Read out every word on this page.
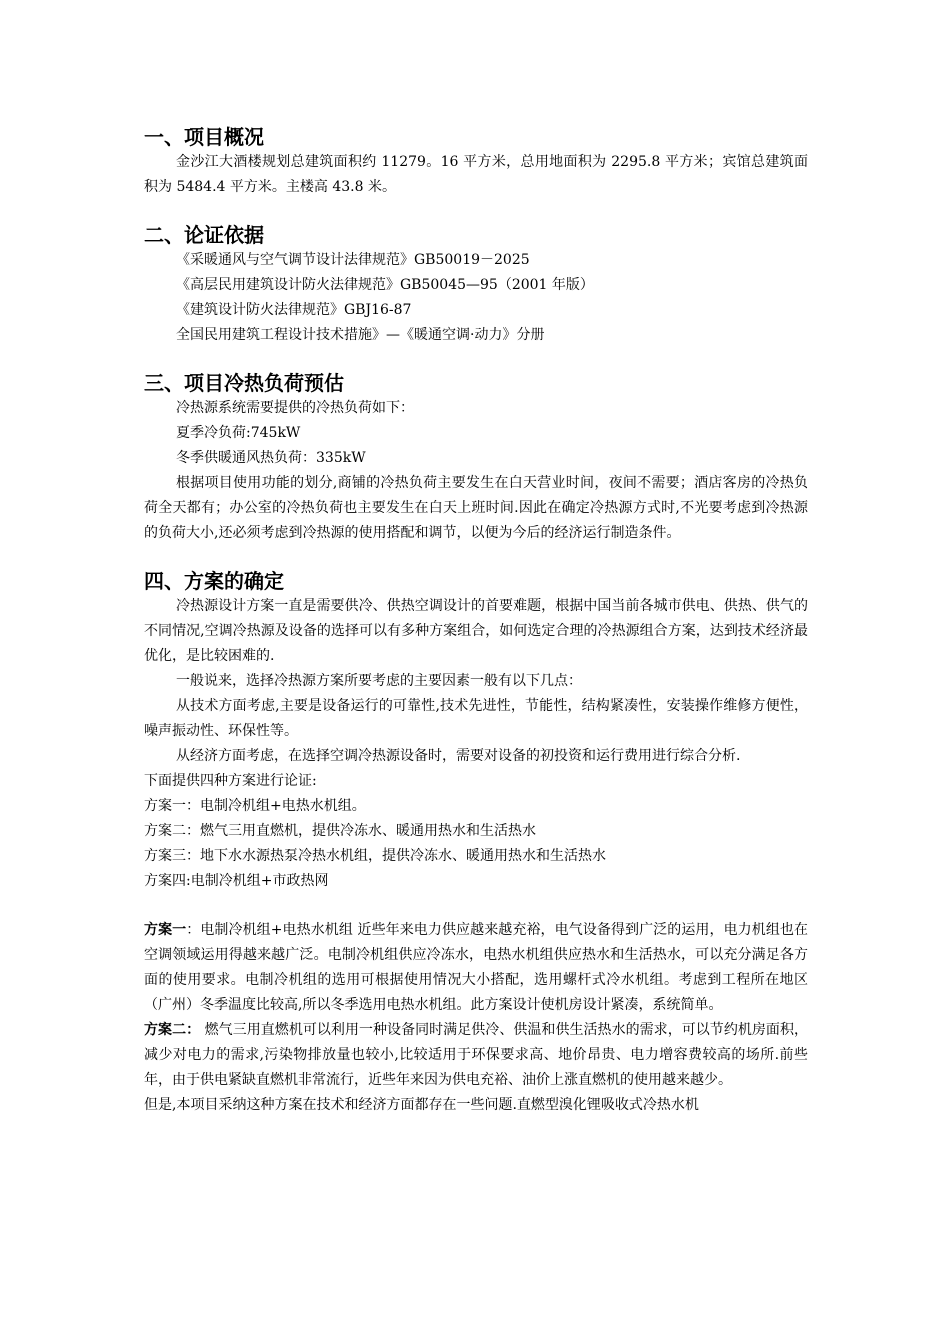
一、项目概况

金沙江大酒楼规划总建筑面积约 11279。16 平方米，总用地面积为 2295.8 平方米；宾馆总建筑面积为 5484.4 平方米。主楼高 43.8 米。

二、论证依据

《采暖通风与空气调节设计法律规范》GB50019－2025

《高层民用建筑设计防火法律规范》GB50045—95（2001 年版）

《建筑设计防火法律规范》GBJ16-87

全国民用建筑工程设计技术措施》—《暖通空调·动力》分册

三、项目冷热负荷预估

冷热源系统需要提供的冷热负荷如下：

夏季冷负荷:745kW

冬季供暖通风热负荷：335kW

根据项目使用功能的划分,商铺的冷热负荷主要发生在白天营业时间，夜间不需要；酒店客房的冷热负荷全天都有；办公室的冷热负荷也主要发生在白天上班时间.因此在确定冷热源方式时,不光要考虑到冷热源的负荷大小,还必须考虑到冷热源的使用搭配和调节，以便为今后的经济运行制造条件。

四、方案的确定

冷热源设计方案一直是需要供冷、供热空调设计的首要难题，根据中国当前各城市供电、供热、供气的不同情况,空调冷热源及设备的选择可以有多种方案组合，如何选定合理的冷热源组合方案，达到技术经济最优化，是比较困难的.

一般说来，选择冷热源方案所要考虑的主要因素一般有以下几点：

从技术方面考虑,主要是设备运行的可靠性,技术先进性，节能性，结构紧凑性，安装操作维修方便性，噪声振动性、环保性等。

从经济方面考虑，在选择空调冷热源设备时，需要对设备的初投资和运行费用进行综合分析.

下面提供四种方案进行论证:

方案一：电制冷机组+电热水机组。

方案二：燃气三用直燃机，提供冷冻水、暖通用热水和生活热水

方案三：地下水水源热泵冷热水机组，提供冷冻水、暖通用热水和生活热水

方案四:电制冷机组+市政热网

方案一：电制冷机组+电热水机组 近些年来电力供应越来越充裕，电气设备得到广泛的运用，电力机组也在空调领域运用得越来越广泛。电制冷机组供应冷冻水，电热水机组供应热水和生活热水，可以充分满足各方面的使用要求。电制冷机组的选用可根据使用情况大小搭配，选用螺杆式冷水机组。考虑到工程所在地区（广州）冬季温度比较高,所以冬季选用电热水机组。此方案设计使机房设计紧凑，系统简单。

方案二： 燃气三用直燃机可以利用一种设备同时满足供冷、供温和供生活热水的需求，可以节约机房面积，减少对电力的需求,污染物排放量也较小,比较适用于环保要求高、地价昂贵、电力增容费较高的场所.前些年，由于供电紧缺直燃机非常流行，近些年来因为供电充裕、油价上涨直燃机的使用越来越少。

但是,本项目采纳这种方案在技术和经济方面都存在一些问题.直燃型溴化锂吸收式冷热水机
